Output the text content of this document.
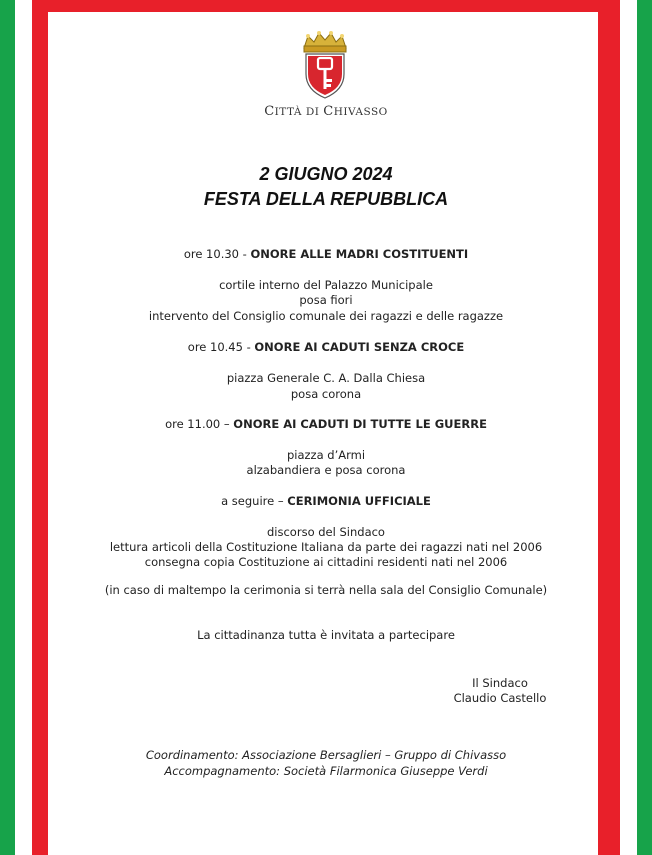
CITTÀ DI CHIVASSO
2 GIUGNO 2024
FESTA DELLA REPUBBLICA
ore 10.30 - ONORE ALLE MADRI COSTITUENTI
cortile interno del Palazzo Municipale
posa fiori
intervento del Consiglio comunale dei ragazzi e delle ragazze
ore 10.45 - ONORE AI CADUTI SENZA CROCE
piazza Generale C. A. Dalla Chiesa
posa corona
ore 11.00 – ONORE AI CADUTI DI TUTTE LE GUERRE
piazza d’Armi
alzabandiera e posa corona
a seguire – CERIMONIA UFFICIALE
discorso del Sindaco
lettura articoli della Costituzione Italiana da parte dei ragazzi nati nel 2006
consegna copia Costituzione ai cittadini residenti nati nel 2006
(in caso di maltempo la cerimonia si terrà nella sala del Consiglio Comunale)
La cittadinanza tutta è invitata a partecipare
Il Sindaco
Claudio Castello
Coordinamento: Associazione Bersaglieri – Gruppo di Chivasso
Accompagnamento: Società Filarmonica Giuseppe Verdi
